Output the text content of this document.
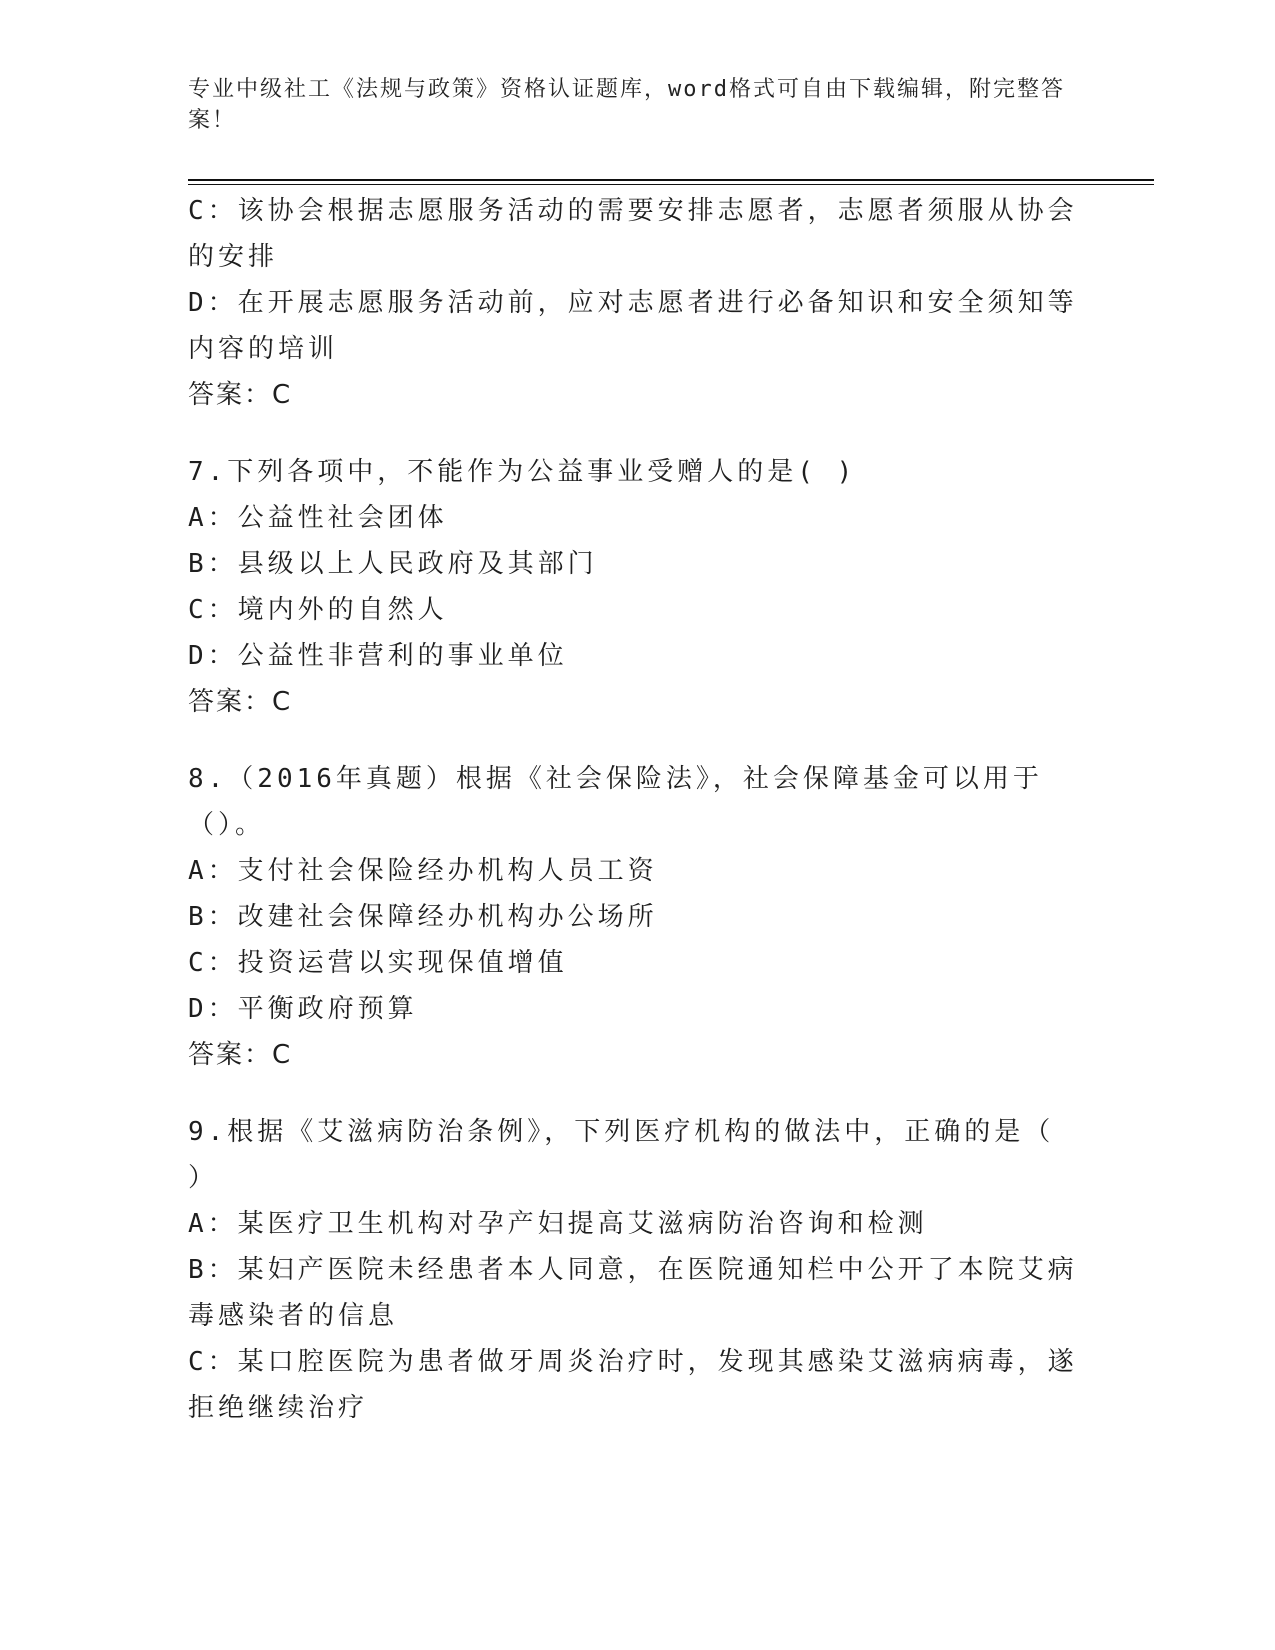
专业中级社工《法规与政策》资格认证题库，word格式可自由下载编辑，附完整答案！
C：该协会根据志愿服务活动的需要安排志愿者，志愿者须服从协会的安排
D：在开展志愿服务活动前，应对志愿者进行必备知识和安全须知等内容的培训
答案：C
7.下列各项中，不能作为公益事业受赠人的是( )
A：公益性社会团体
B：县级以上人民政府及其部门
C：境内外的自然人
D：公益性非营利的事业单位
答案：C
8.（2016年真题）根据《社会保险法》，社会保障基金可以用于（）。
A：支付社会保险经办机构人员工资
B：改建社会保障经办机构办公场所
C：投资运营以实现保值增值
D：平衡政府预算
答案：C
9.根据《艾滋病防治条例》，下列医疗机构的做法中，正确的是（ ）
A：某医疗卫生机构对孕产妇提高艾滋病防治咨询和检测
B：某妇产医院未经患者本人同意，在医院通知栏中公开了本院艾病毒感染者的信息
C：某口腔医院为患者做牙周炎治疗时，发现其感染艾滋病病毒，遂拒绝继续治疗
